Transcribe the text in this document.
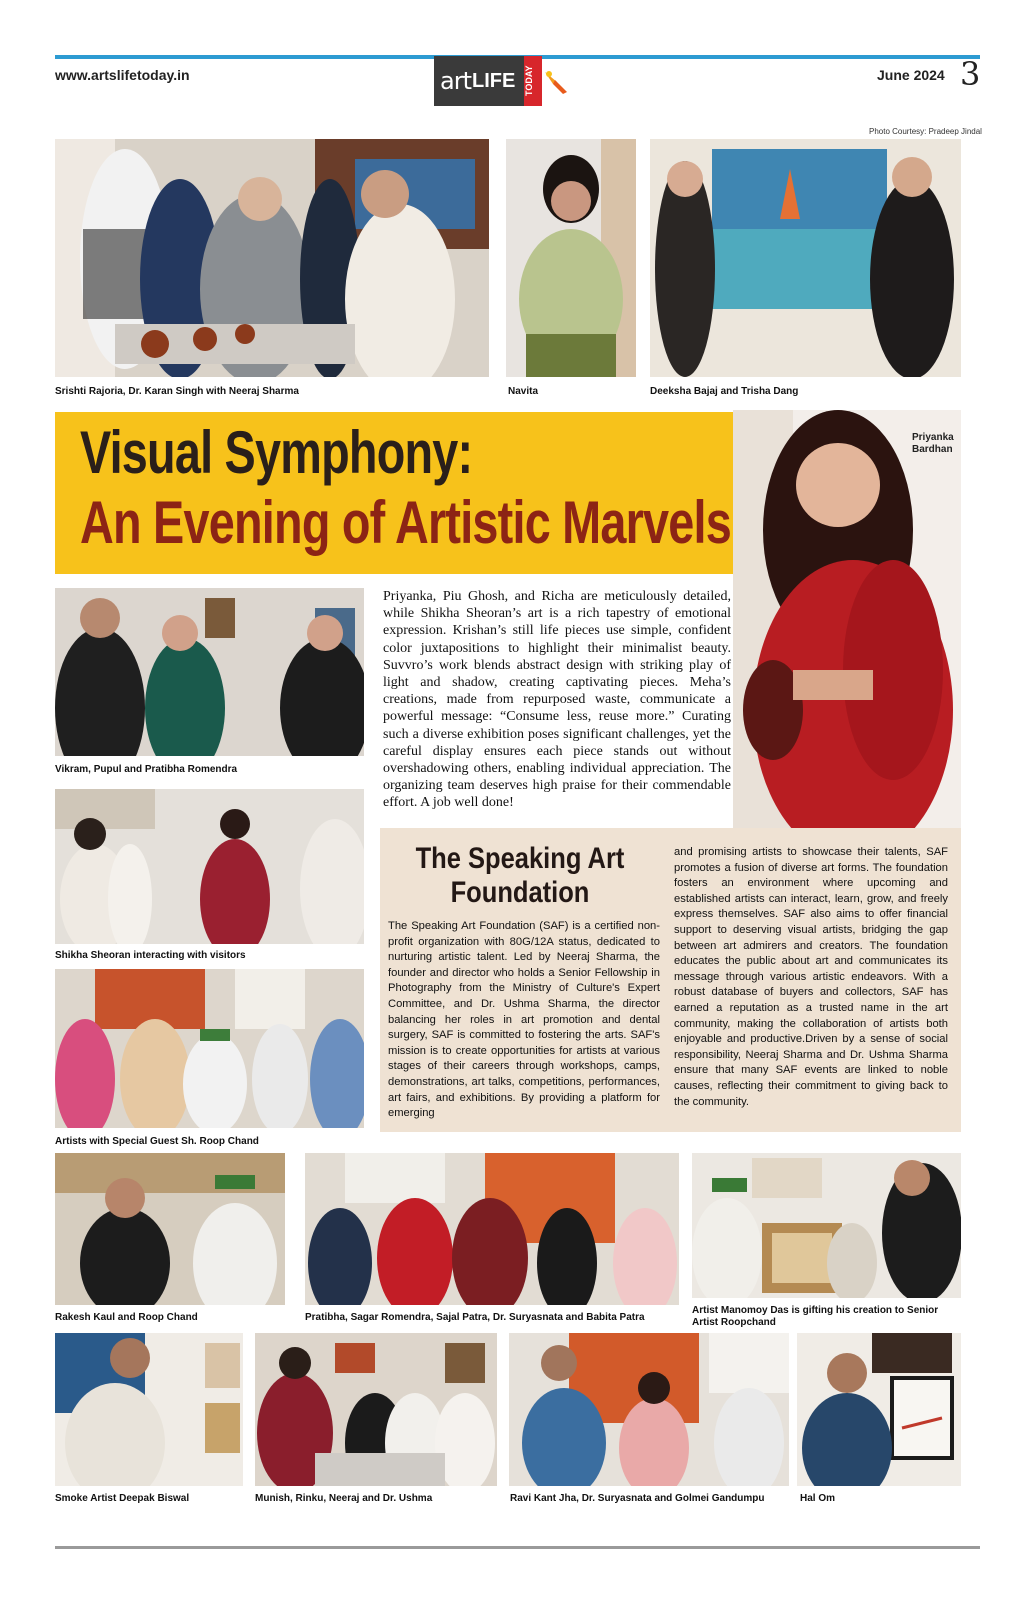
www.artslifetoday.in	art LIFE TODAY	June 2024 3
Photo Courtesy: Pradeep Jindal
Srishti Rajoria, Dr. Karan Singh with Neeraj Sharma	Navita	Deeksha Bajaj and Trisha Dang
Visual Symphony:
An Evening of Artistic Marvels
Priyanka Bardhan
Vikram, Pupul and Pratibha Romendra
Shikha Sheoran interacting with visitors
Artists with Special Guest Sh. Roop Chand
Priyanka, Piu Ghosh, and Richa are meticulously detailed, while Shikha Sheoran’s art is a rich tapestry of emotional expression. Krishan’s still life pieces use simple, confident color juxtapositions to highlight their minimalist beauty. Suvvro’s work blends abstract design with striking play of light and shadow, creating captivating pieces. Meha’s creations, made from repurposed waste, communicate a powerful message: “Consume less, reuse more.” Curating such a diverse exhibition poses significant challenges, yet the careful display ensures each piece stands out without overshadowing others, enabling individual appreciation. The organizing team deserves high praise for their commendable effort. A job well done!
The Speaking Art Foundation
The Speaking Art Foundation (SAF) is a certified non-profit organization with 80G/12A status, dedicated to nurturing artistic talent. Led by Neeraj Sharma, the founder and director who holds a Senior Fellowship in Photography from the Ministry of Culture's Expert Committee, and Dr. Ushma Sharma, the director balancing her roles in art promotion and dental surgery, SAF is committed to fostering the arts. SAF's mission is to create opportunities for artists at various stages of their careers through workshops, camps, demonstrations, art talks, competitions, performances, art fairs, and exhibitions. By providing a platform for emerging
and promising artists to showcase their talents, SAF promotes a fusion of diverse art forms. The foundation fosters an environment where upcoming and established artists can interact, learn, grow, and freely express themselves. SAF also aims to offer financial support to deserving visual artists, bridging the gap between art admirers and creators. The foundation educates the public about art and communicates its message through various artistic endeavors. With a robust database of buyers and collectors, SAF has earned a reputation as a trusted name in the art community, making the collaboration of artists both enjoyable and productive.Driven by a sense of social responsibility, Neeraj Sharma and Dr. Ushma Sharma ensure that many SAF events are linked to noble causes, reflecting their commitment to giving back to the community.
Rakesh Kaul and Roop Chand	Pratibha, Sagar Romendra, Sajal Patra, Dr. Suryasnata and Babita Patra
Artist Manomoy Das is gifting his creation to Senior Artist Roopchand
Smoke Artist Deepak Biswal	Munish, Rinku, Neeraj and Dr. Ushma	Ravi Kant Jha, Dr. Suryasnata and Golmei Gandumpu	Hal Om
